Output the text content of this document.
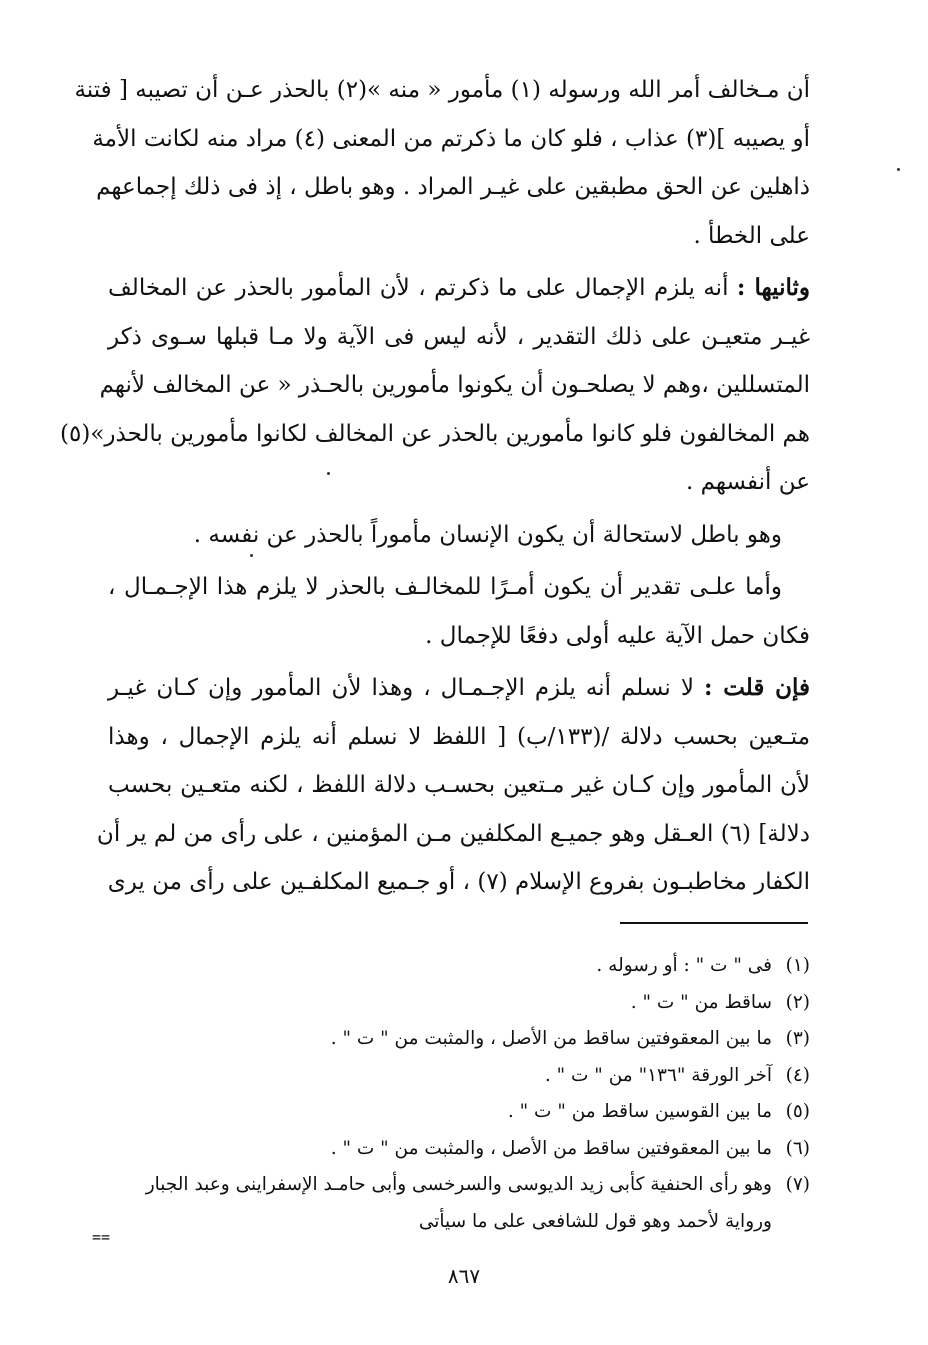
أن مـخالف أمر الله ورسوله (١) مأمور « منه »(٢) بالحذر عـن أن تصيبه [ فتنة
أو يصيبه ](٣) عذاب ، فلو كان ما ذكرتم من المعنى (٤) مراد منه لكانت الأمة
ذاهلين عن الحق مطبقين على غيـر المراد . وهو باطل ، إذ فى ذلك إجماعهم
على الخطأ .
وثانيها : أنه يلزم الإجمال على ما ذكرتم ، لأن المأمور بالحذر عن المخالف
غيـر متعيـن على ذلك التقدير ، لأنه ليس فى الآية ولا مـا قبلها سـوى ذكر
المتسللين ،وهم لا يصلحـون أن يكونوا مأمورين بالحـذر « عن المخالف لأنهم
هم المخالفون فلو كانوا مأمورين بالحذر عن المخالف لكانوا مأمورين بالحذر»(٥)
عن أنفسهم .
وهو باطل لاستحالة أن يكون الإنسان مأموراً بالحذر عن نفسه .
وأما علـى تقدير أن يكون أمـرًا للمخالـف بالحذر لا يلزم هذا الإجـمـال ،
فكان حمل الآية عليه أولى دفعًا للإجمال .
فإن قلت : لا نسلم أنه يلزم الإجـمـال ، وهذا لأن المأمور وإن كـان غيـر
متـعين بحسب دلالة /(١٣٣/ب) [ اللفظ لا نسلم أنه يلزم الإجمال ، وهذا
لأن المأمور وإن كـان غير مـتعين بحسـب دلالة اللفظ ، لكنه متعـين بحسب
دلالة] (٦) العـقل وهو جميـع المكلفين مـن المؤمنين ، على رأى من لم ير أن
الكفار مخاطبـون بفروع الإسلام (٧) ، أو جـميع المكلفـين على رأى من يرى
(١)فى " ت " : أو رسوله .
(٢)ساقط من " ت " .
(٣)ما بين المعقوفتين ساقط من الأصل ، والمثبت من " ت " .
(٤)آخر الورقة "١٣٦" من " ت " .
(٥)ما بين القوسين ساقط من " ت " .
(٦)ما بين المعقوفتين ساقط من الأصل ، والمثبت من " ت " .
(٧)وهو رأى الحنفية كأبى زيد الديوسى والسرخسى وأبى حامـد الإسفراينى وعبد الجبار
ورواية لأحمد وهو قول للشافعى على ما سيأتى
==
٨٦٧
